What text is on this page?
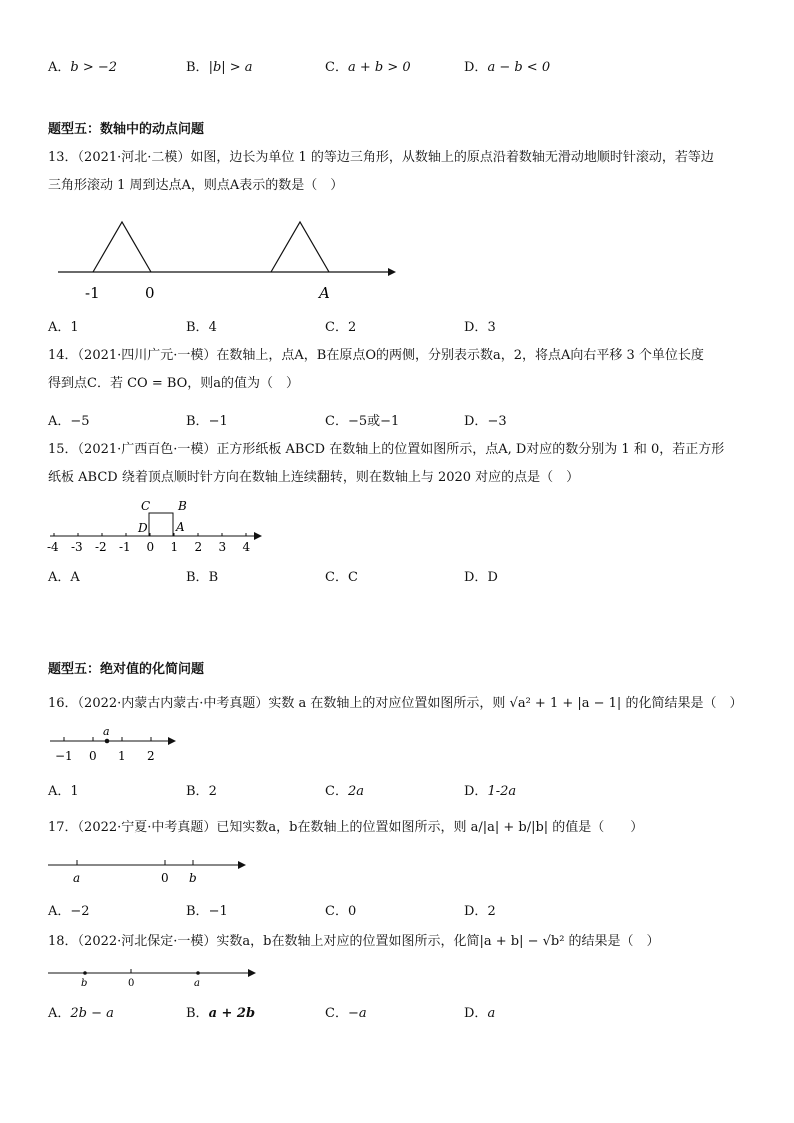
A．b > −2	B．|b| > a	C．a + b > 0	D．a − b < 0
题型五：数轴中的动点问题
13．（2021·河北·二模）如图，边长为单位 1 的等边三角形，从数轴上的原点沿着数轴无滑动地顺时针滚动，若等边
三角形滚动 1 周到达点A，则点A表示的数是（　）
-1	0	A
A．1	B．4	C．2	D．3
14．（2021·四川广元·一模）在数轴上，点A，B在原点O的两侧，分别表示数a，2，将点A向右平移 3 个单位长度
得到点C．若 CO = BO，则a的值为（　）
A．−5	B．−1	C．−5或−1	D．−3
15．（2021·广西百色·一模）正方形纸板 ABCD 在数轴上的位置如图所示，点A, D对应的数分别为 1 和 0，若正方形
纸板 ABCD 绕着顶点顺时针方向在数轴上连续翻转，则在数轴上与 2020 对应的点是（　）
-4 -3 -2 -1 0 1 2 3 4
C B
D A
A．A	B．B	C．C	D．D
题型五：绝对值的化简问题
16．（2022·内蒙古内蒙古·中考真题）实数 a 在数轴上的对应位置如图所示，则 √a² + 1 + |a − 1| 的化简结果是（　）
a
−1 0 1 2
A．1	B．2	C．2a	D．1-2a
17．（2022·宁夏·中考真题）已知实数a，b在数轴上的位置如图所示，则 a/|a| + b/|b| 的值是（　　）
a	0 b
A．−2	B．−1	C．0	D．2
18．（2022·河北保定·一模）实数a，b在数轴上对应的位置如图所示，化简|a + b| − √b² 的结果是（　）
b	0	a
A．2b − a	B．a + 2b	C．−a	D．a
